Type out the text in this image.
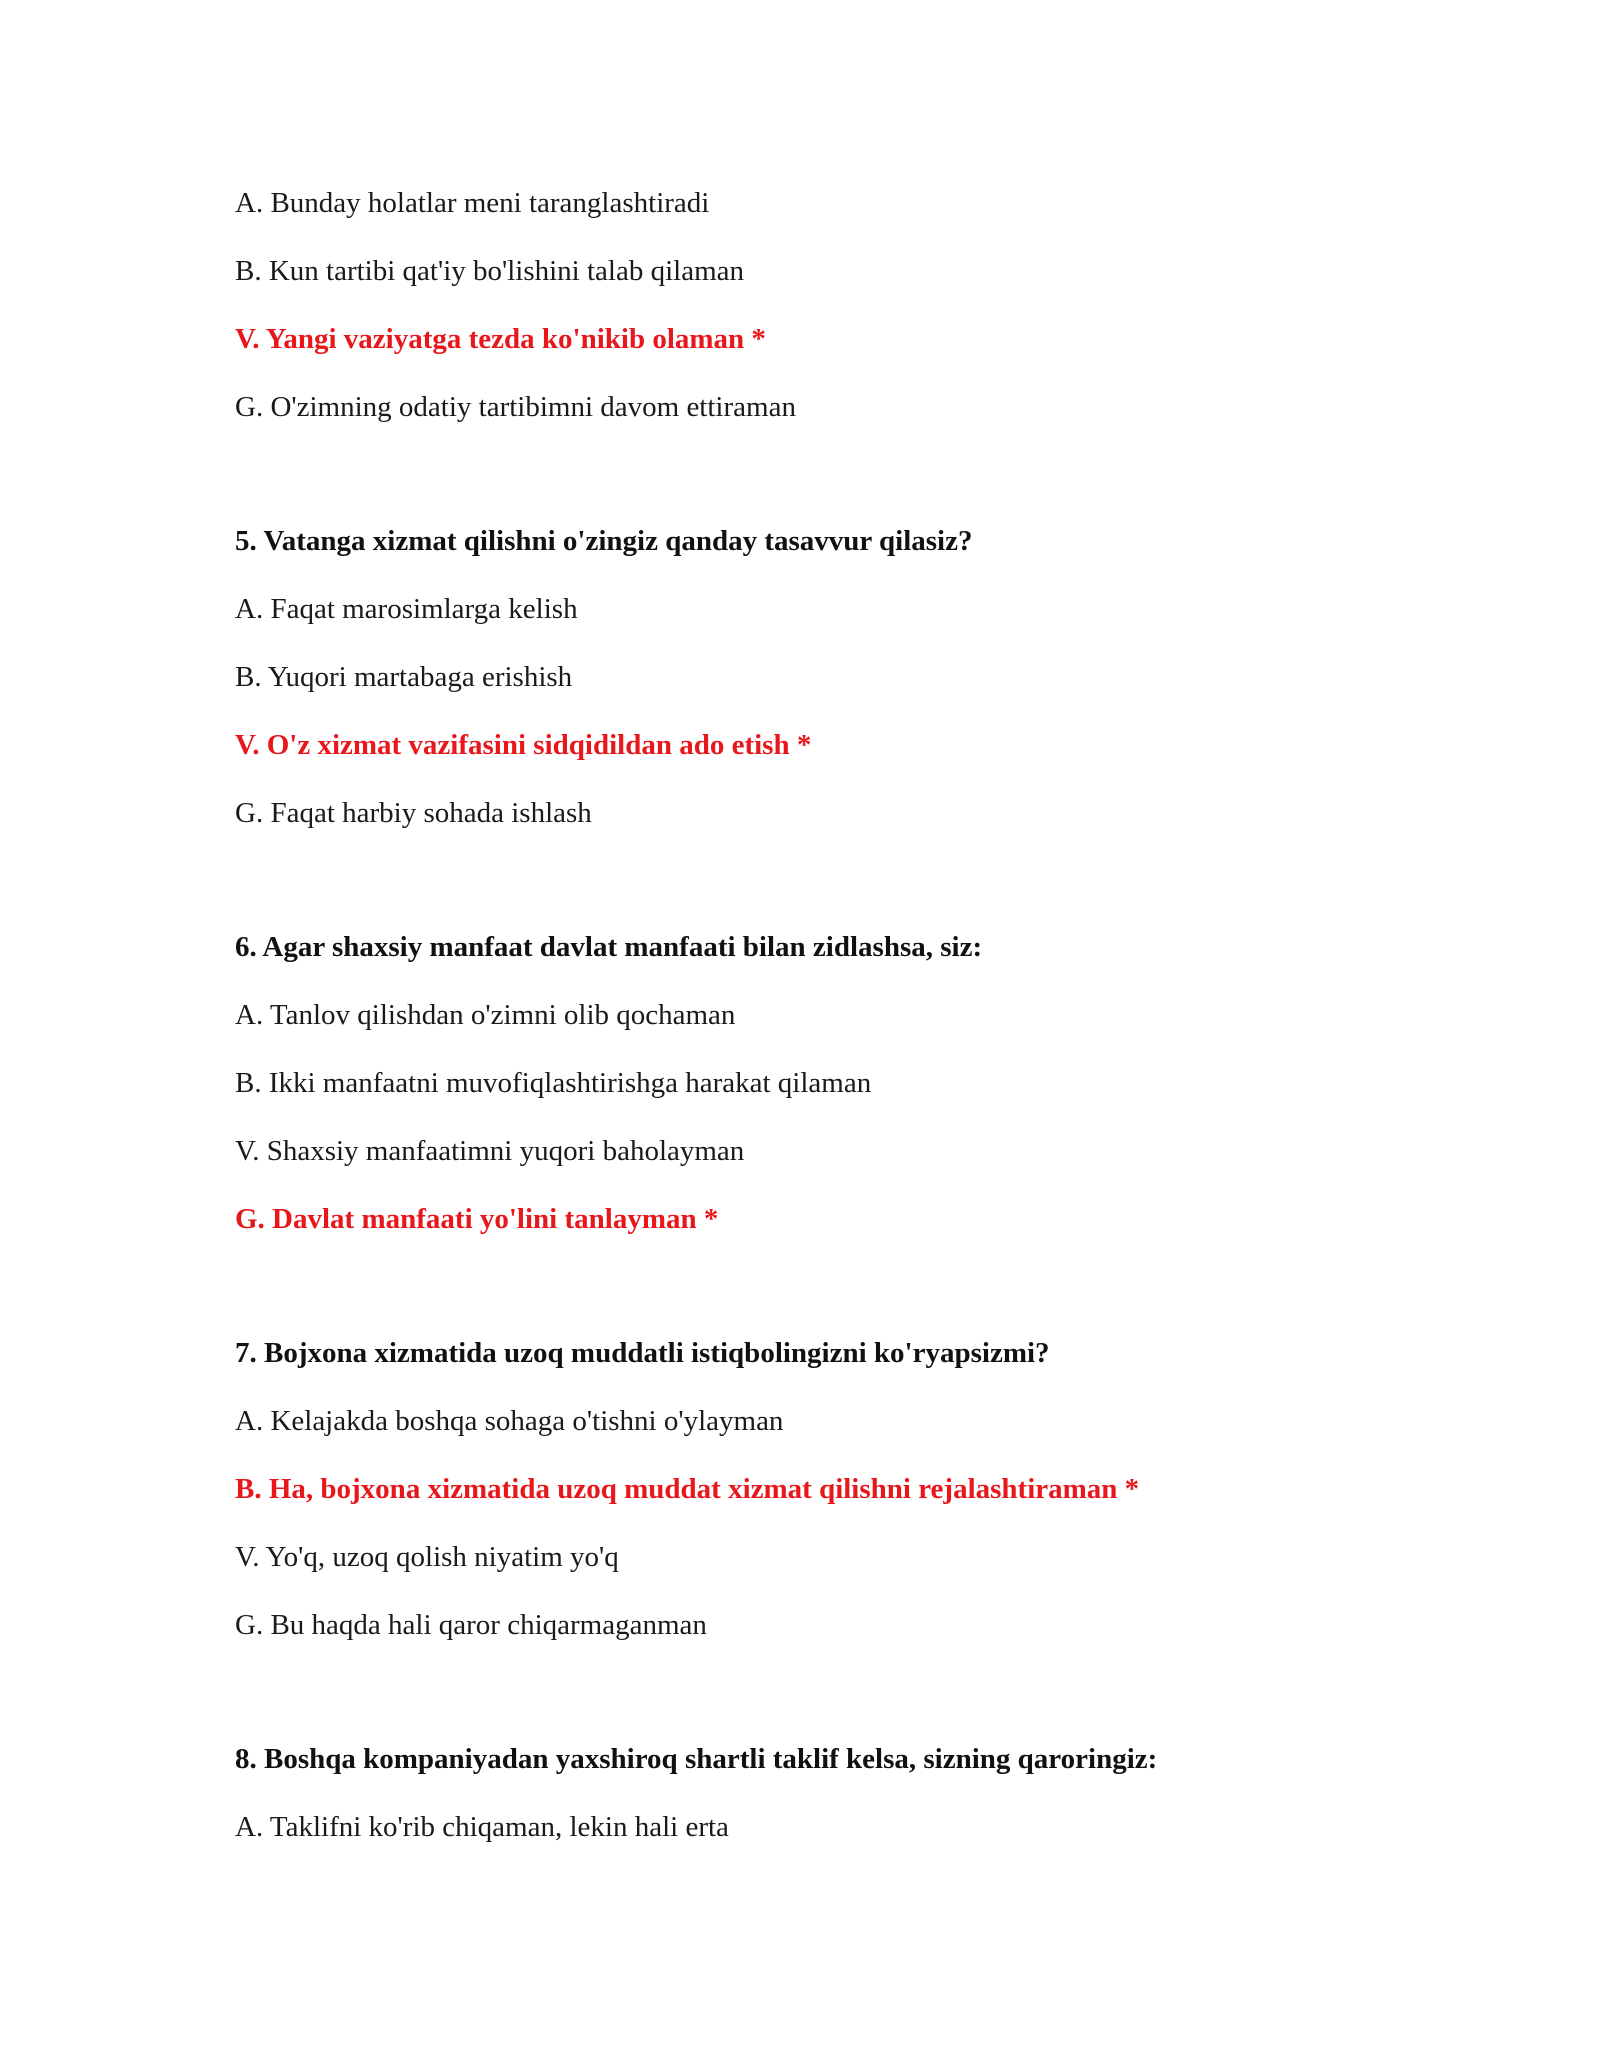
A. Bunday holatlar meni taranglashtiradi
B. Kun tartibi qat'iy bo'lishini talab qilaman
V. Yangi vaziyatga tezda ko'nikib olaman *
G. O'zimning odatiy tartibimni davom ettiraman
5. Vatanga xizmat qilishni o'zingiz qanday tasavvur qilasiz?
A. Faqat marosimlarga kelish
B. Yuqori martabaga erishish
V. O'z xizmat vazifasini sidqidildan ado etish *
G. Faqat harbiy sohada ishlash
6. Agar shaxsiy manfaat davlat manfaati bilan zidlashsa, siz:
A. Tanlov qilishdan o'zimni olib qochaman
B. Ikki manfaatni muvofiqlashtirishga harakat qilaman
V. Shaxsiy manfaatimni yuqori baholayman
G. Davlat manfaati yo'lini tanlayman *
7. Bojxona xizmatida uzoq muddatli istiqbolingizni ko'ryapsizmi?
A. Kelajakda boshqa sohaga o'tishni o'ylayman
B. Ha, bojxona xizmatida uzoq muddat xizmat qilishni rejalashtiraman *
V. Yo'q, uzoq qolish niyatim yo'q
G. Bu haqda hali qaror chiqarmaganman
8. Boshqa kompaniyadan yaxshiroq shartli taklif kelsa, sizning qaroringiz:
A. Taklifni ko'rib chiqaman, lekin hali erta
